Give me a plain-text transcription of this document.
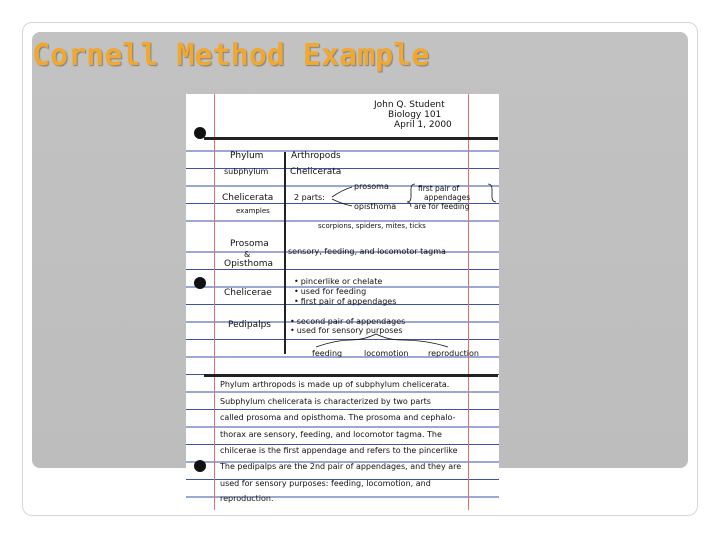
Cornell Method Example
John Q. Student
Biology 101
April 1, 2000
Phylum
subphylum
Chelicerata
examples
Prosoma
&
Opisthoma
Chelicerae
Pedipalps
Arthropods
Chelicerata
2 parts:
prosoma
opisthoma
first pair of
appendages
are for feeding
scorpions, spiders, mites, ticks
sensory, feeding, and locomotor tagma
• pincerlike or chelate
• used for feeding
• first pair of appendages
• second pair of appendages
• used for sensory purposes
feeding	locomotion reproduction
Phylum arthropods is made up of subphylum chelicerata.
Subphylum chelicerata is characterized by two parts
called prosoma and opisthoma. The prosoma and cephalo-
thorax are sensory, feeding, and locomotor tagma. The
chilcerae is the first appendage and refers to the pincerlike
The pedipalps are the 2nd pair of appendages, and they are
used for sensory purposes: feeding, locomotion, and
reproduction.
